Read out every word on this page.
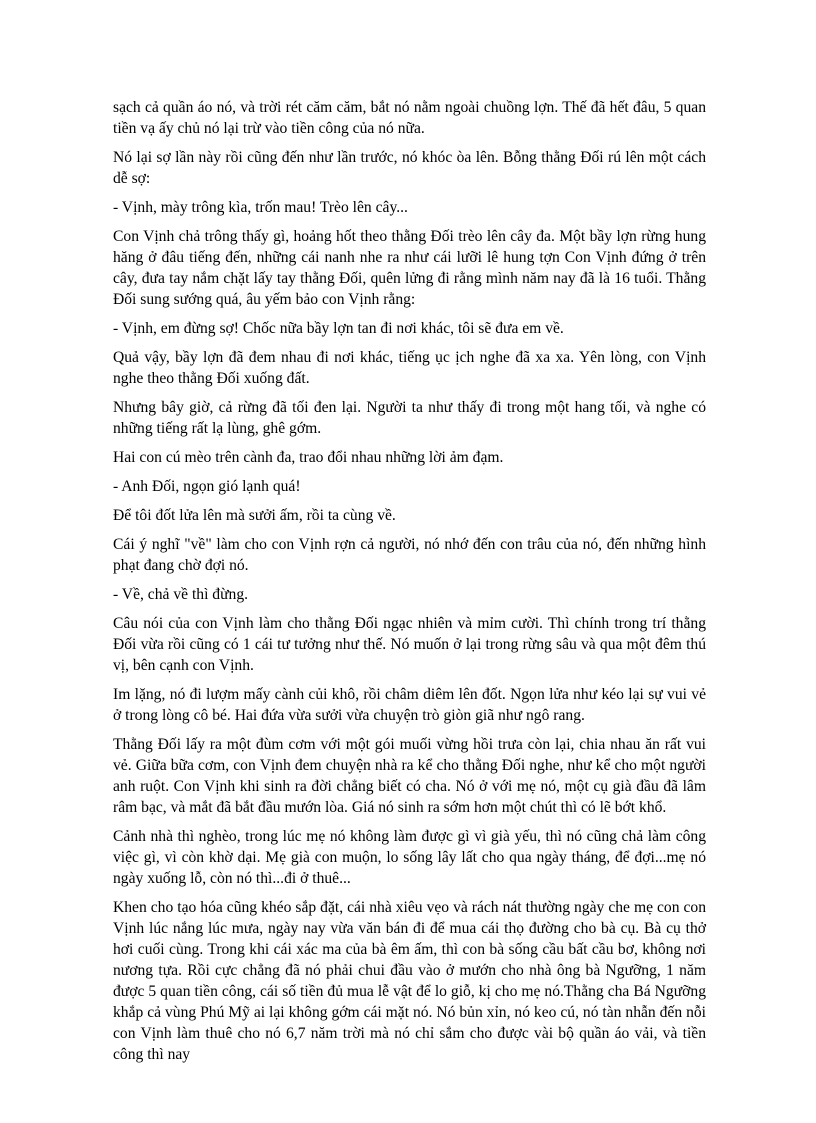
sạch cả quần áo nó, và trời rét căm căm, bắt nó nằm ngoài chuồng lợn. Thế đã hết đâu, 5 quan tiền vạ ấy chủ nó lại trừ vào tiền công của nó nữa.

Nó lại sợ lần này rồi cũng đến như lần trước, nó khóc òa lên. Bỗng thằng Đối rú lên một cách dễ sợ:

- Vịnh, mày trông kìa, trốn mau! Trèo lên cây...

Con Vịnh chả trông thấy gì, hoảng hốt theo thằng Đối trèo lên cây đa. Một bầy lợn rừng hung hăng ở đâu tiếng đến, những cái nanh nhe ra như cái lưỡi lê hung tợn Con Vịnh đứng ở trên cây, đưa tay nắm chặt lấy tay thằng Đối, quên lửng đi rằng mình năm nay đã là 16 tuổi. Thằng Đối sung sướng quá, âu yếm bảo con Vịnh rằng:

- Vịnh, em đừng sợ! Chốc nữa bầy lợn tan đi nơi khác, tôi sẽ đưa em về.

Quả vậy, bầy lợn đã đem nhau đi nơi khác, tiếng ục ịch nghe đã xa xa. Yên lòng, con Vịnh nghe theo thằng Đối xuống đất.

Nhưng bây giờ, cả rừng đã tối đen lại. Người ta như thấy đi trong một hang tối, và nghe có những tiếng rất lạ lùng, ghê gớm.

Hai con cú mèo trên cành đa, trao đổi nhau những lời ảm đạm.

- Anh Đối, ngọn gió lạnh quá!

Để tôi đốt lửa lên mà sưởi ấm, rồi ta cùng về.

Cái ý nghĩ "về" làm cho con Vịnh rợn cả người, nó nhớ đến con trâu của nó, đến những hình phạt đang chờ đợi nó.

- Về, chả về thì đừng.

Câu nói của con Vịnh làm cho thằng Đối ngạc nhiên và mỉm cười. Thì chính trong trí thằng Đối vừa rồi cũng có 1 cái tư tưởng như thế. Nó muốn ở lại trong rừng sâu và qua một đêm thú vị, bên cạnh con Vịnh.

Im lặng, nó đi lượm mấy cành củi khô, rồi châm diêm lên đốt. Ngọn lửa như kéo lại sự vui vẻ ở trong lòng cô bé. Hai đứa vừa sưởi vừa chuyện trò giòn giã như ngô rang.

Thằng Đối lấy ra một đùm cơm với một gói muối vừng hồi trưa còn lại, chia nhau ăn rất vui vẻ. Giữa bữa cơm, con Vịnh đem chuyện nhà ra kể cho thằng Đối nghe, như kể cho một người anh ruột. Con Vịnh khi sinh ra đời chẳng biết có cha. Nó ở với mẹ nó, một cụ già đầu đã lâm râm bạc, và mắt đã bắt đầu mướn lòa. Giá nó sinh ra sớm hơn một chút thì có lẽ bớt khổ.

Cảnh nhà thì nghèo, trong lúc mẹ nó không làm được gì vì già yếu, thì nó cũng chả làm công việc gì, vì còn khờ dại. Mẹ già con muộn, lo sống lây lất cho qua ngày tháng, để đợi...mẹ nó ngày xuống lỗ, còn nó thì...đi ở thuê...

Khen cho tạo hóa cũng khéo sắp đặt, cái nhà xiêu vẹo và rách nát thường ngày che mẹ con con Vịnh lúc nắng lúc mưa, ngày nay vừa văn bán đi để mua cái thọ đường cho bà cụ. Bà cụ thở hơi cuối cùng. Trong khi cái xác ma của bà êm ấm, thì con bà sống cầu bất cầu bơ, không nơi nương tựa. Rồi cực chẳng đã nó phải chui đầu vào ở mướn cho nhà ông bà Ngưỡng, 1 năm được 5 quan tiền công, cái số tiền đủ mua lễ vật để lo giỗ, kị cho mẹ nó.Thằng cha Bá Ngưỡng khắp cả vùng Phú Mỹ ai lại không gớm cái mặt nó. Nó bủn xỉn, nó keo cú, nó tàn nhẫn đến nỗi con Vịnh làm thuê cho nó 6,7 năm trời mà nó chỉ sắm cho được vài bộ quần áo vải, và tiền công thì nay
